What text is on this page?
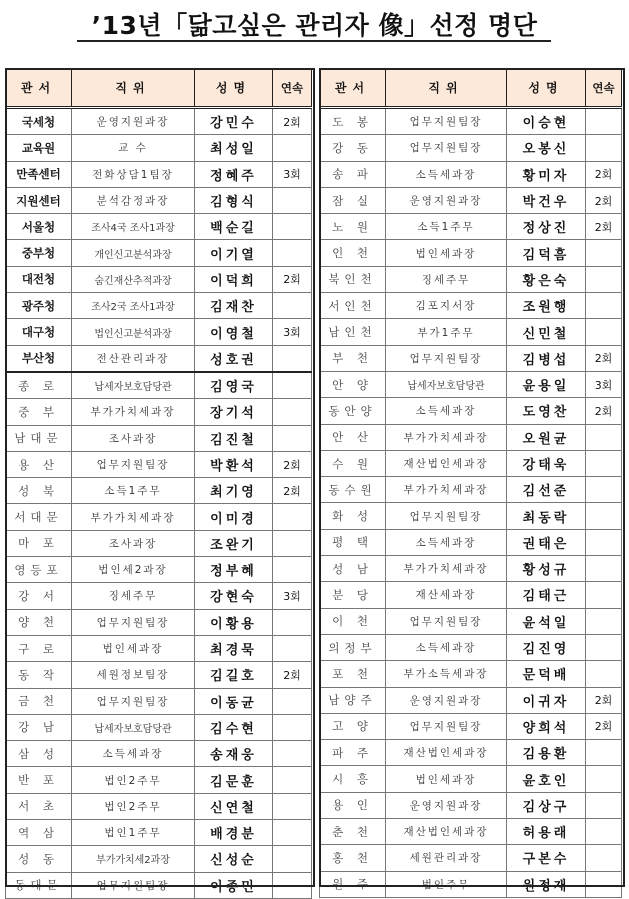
’13년「닮고싶은 관리자 像」선정 명단
관서	직위	성명	연속
국세청	운영지원과장	강민수	2회
교육원	교 수	최성일	
만족센터	전화상담1팀장	정혜주	3회
지원센터	분석감정과장	김형식	
서울청	조사4국 조사1과장	백순길	
중부청	개인신고분석과장	이기열	
대전청	숨긴재산추적과장	이덕희	2회
광주청	조사2국 조사1과장	김재찬	
대구청	법인신고분석과장	이영철	3회
부산청	전산관리과장	성호권	
종 로	납세자보호담당관	김영국	
중 부	부가가치세과장	장기석	
남대문	조사과장	김진철	
용 산	업무지원팀장	박환석	2회
성 북	소득1주무	최기영	2회
서대문	부가가치세과장	이미경	
마 포	조사과장	조완기	
영등포	법인세2과장	정부혜	
강 서	징세주무	강현숙	3회
양 천	업무지원팀장	이황용	
구 로	법인세과장	최경묵	
동 작	세원정보팀장	김길호	2회
금 천	업무지원팀장	이동균	
강 남	납세자보호담당관	김수현	
삼 성	소득세과장	송재웅	
반 포	법인2주무	김문훈	
서 초	법인2주무	신연철	
역 삼	법인1주무	배경분	
성 동	부가가치세2과장	신성순	
동대문	업무지원팀장	이종민	
관서	직위	성명	연속
도 봉	업무지원팀장	이승현	
강 동	업무지원팀장	오봉신	
송 파	소득세과장	황미자	2회
잠 실	운영지원과장	박건우	2회
노 원	소득1주무	정상진	2회
인 천	법인세과장	김덕흠	
북인천	징세주무	황은숙	
서인천	김포지서장	조원행	
남인천	부가1주무	신민철	
부 천	업무지원팀장	김병섭	2회
안 양	납세자보호담당관	윤용일	3회
동안양	소득세과장	도영찬	2회
안 산	부가가치세과장	오원균	
수 원	재산법인세과장	강태욱	
동수원	부가가치세과장	김선준	
화 성	업무지원팀장	최동락	
평 택	소득세과장	권태은	
성 남	부가가치세과장	황성규	
분 당	재산세과장	김태근	
이 천	업무지원팀장	윤석일	
의정부	소득세과장	김진영	
포 천	부가소득세과장	문덕배	
남양주	운영지원과장	이귀자	2회
고 양	업무지원팀장	양희석	2회
파 주	재산법인세과장	김용환	
시 흥	법인세과장	윤호인	
용 인	운영지원과장	김상구	
춘 천	재산법인세과장	허용래	
홍 천	세원관리과장	구본수	
원 주	법인주무	원정재	
